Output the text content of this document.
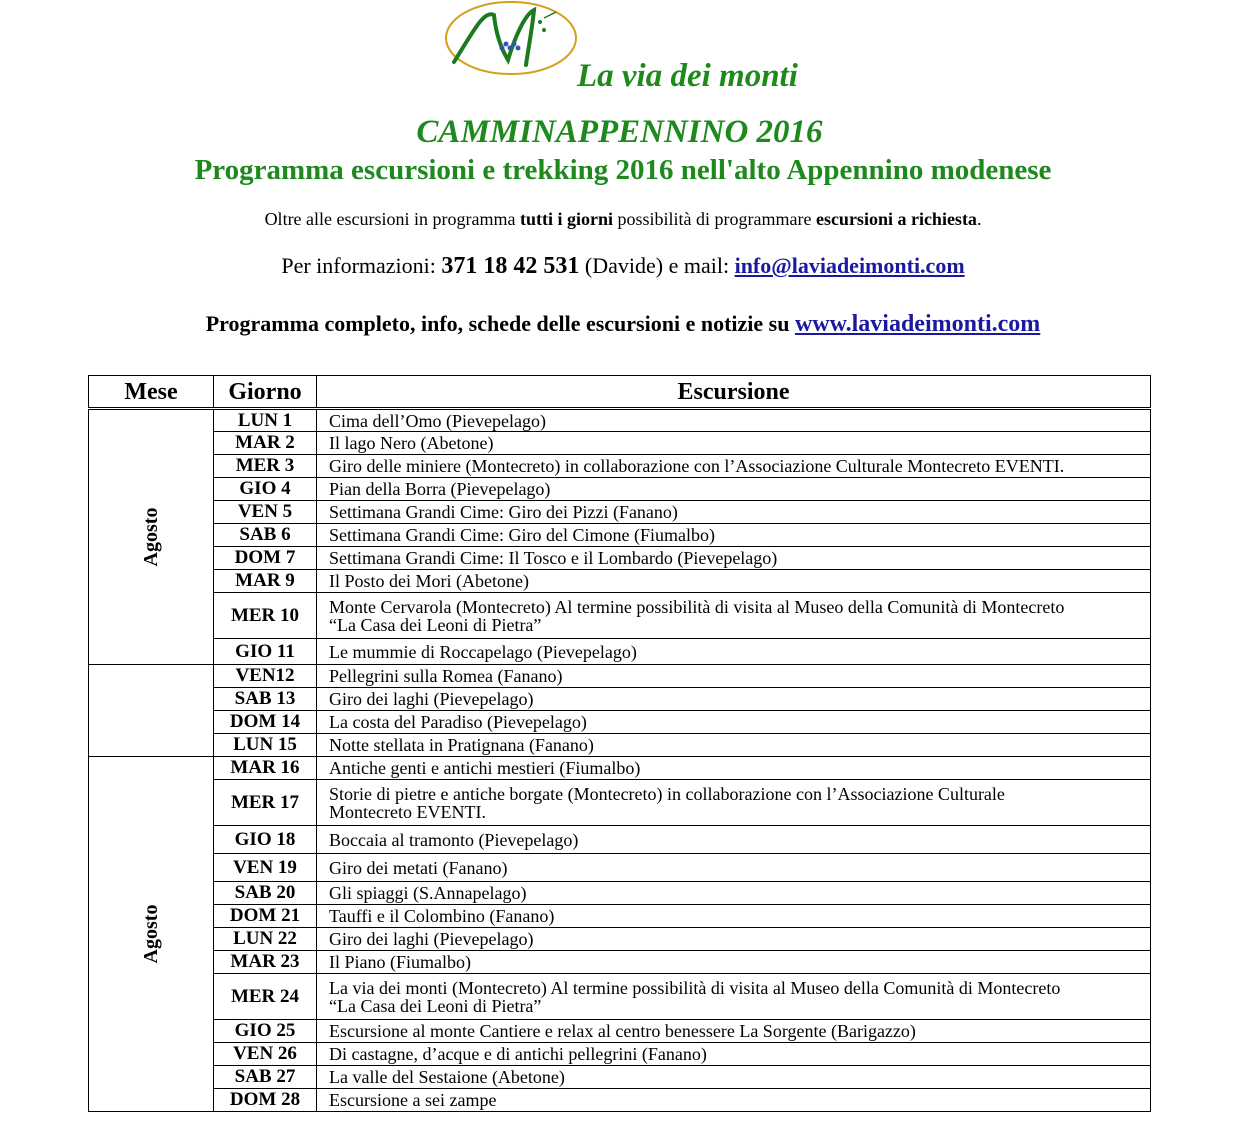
La via dei monti
CAMMINAPPENNINO 2016
Programma escursioni e trekking 2016 nell'alto Appennino modenese
Oltre alle escursioni in programma tutti i giorni possibilità di programmare escursioni a richiesta.
Per informazioni: 371 18 42 531 (Davide) e mail: info@laviadeimonti.com
Programma completo, info, schede delle escursioni e notizie su www.laviadeimonti.com
Mese	Giorno	Escursione

Agosto	LUN 1	Cima dell’Omo (Pievepelago)

	MAR 2	Il lago Nero (Abetone)

	MER 3	Giro delle miniere (Montecreto) in collaborazione con l’Associazione Culturale Montecreto EVENTI.

	GIO 4	Pian della Borra (Pievepelago)

	VEN 5	Settimana Grandi Cime: Giro dei Pizzi (Fanano)

	SAB 6	Settimana Grandi Cime: Giro del Cimone (Fiumalbo)

	DOM 7	Settimana Grandi Cime: Il Tosco e il Lombardo (Pievepelago)

	MAR 9	Il Posto dei Mori (Abetone)

	MER 10	Monte Cervarola (Montecreto) Al termine possibilità di visita al Museo della Comunità di Montecreto
“La Casa dei Leoni di Pietra”

	GIO 11	Le mummie di Roccapelago (Pievepelago)

	VEN12	Pellegrini sulla Romea (Fanano)

	SAB 13	Giro dei laghi (Pievepelago)

	DOM 14	La costa del Paradiso (Pievepelago)

	LUN 15	Notte stellata in Pratignana (Fanano)

Agosto	MAR 16	Antiche genti e antichi mestieri (Fiumalbo)

	MER 17	Storie di pietre e antiche borgate (Montecreto) in collaborazione con l’Associazione Culturale
Montecreto EVENTI.

	GIO 18	Boccaia al tramonto (Pievepelago)

	VEN 19	Giro dei metati (Fanano)

	SAB 20	Gli spiaggi (S.Annapelago)

	DOM 21	Tauffi e il Colombino (Fanano)

	LUN 22	Giro dei laghi (Pievepelago)

	MAR 23	Il Piano (Fiumalbo)

	MER 24	La via dei monti (Montecreto) Al termine possibilità di visita al Museo della Comunità di Montecreto
“La Casa dei Leoni di Pietra”

	GIO 25	Escursione al monte Cantiere e relax al centro benessere La Sorgente (Barigazzo)

	VEN 26	Di castagne, d’acque e di antichi pellegrini (Fanano)

	SAB 27	La valle del Sestaione (Abetone)

	DOM 28	Escursione a sei zampe
